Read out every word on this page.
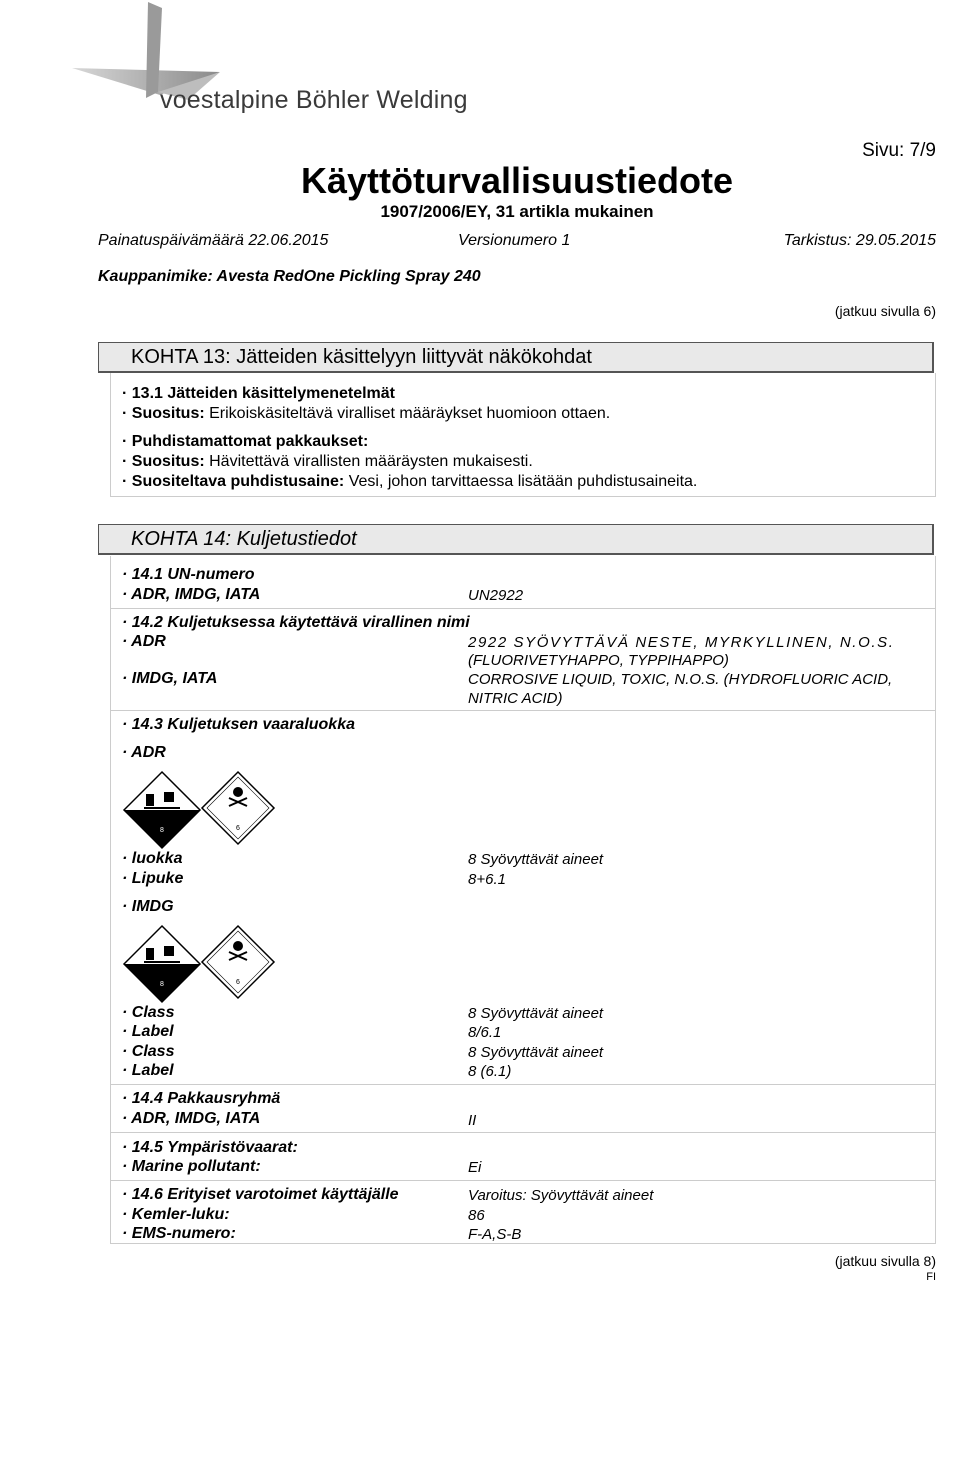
voestalpine Böhler Welding
Sivu: 7/9
Käyttöturvallisuustiedote
1907/2006/EY, 31 artikla mukainen
Painatuspäivämäärä 22.06.2015	Versionumero 1	Tarkistus: 29.05.2015
Kauppanimike: Avesta RedOne Pickling Spray 240
(jatkuu sivulla 6)
KOHTA 13: Jätteiden käsittelyyn liittyvät näkökohdat
· 13.1 Jätteiden käsittelymenetelmät
· Suositus: Erikoiskäsiteltävä viralliset määräykset huomioon ottaen.
· Puhdistamattomat pakkaukset:
· Suositus: Hävitettävä virallisten määräysten mukaisesti.
· Suositeltava puhdistusaine: Vesi, johon tarvittaessa lisätään puhdistusaineita.
KOHTA 14: Kuljetustiedot
· 14.1 UN-numero
· ADR, IMDG, IATA	UN2922
· 14.2 Kuljetuksessa käytettävä virallinen nimi
· ADR	2922 SYÖVYTTÄVÄ NESTE, MYRKYLLINEN, N.O.S.
(FLUORIVETYHAPPO, TYPPIHAPPO)
· IMDG, IATA	CORROSIVE LIQUID, TOXIC, N.O.S. (HYDROFLUORIC ACID,
NITRIC ACID)
· 14.3 Kuljetuksen vaaraluokka
· ADR
8	6
· luokka	8 Syövyttävät aineet
· Lipuke	8+6.1
· IMDG
8	6
· Class	8 Syövyttävät aineet
· Label	8/6.1
· Class	8 Syövyttävät aineet
· Label	8 (6.1)
· 14.4 Pakkausryhmä
· ADR, IMDG, IATA	II
· 14.5 Ympäristövaarat:
· Marine pollutant:	Ei
· 14.6 Erityiset varotoimet käyttäjälle	Varoitus: Syövyttävät aineet
· Kemler-luku:	86
· EMS-numero:	F-A,S-B
(jatkuu sivulla 8)
FI
